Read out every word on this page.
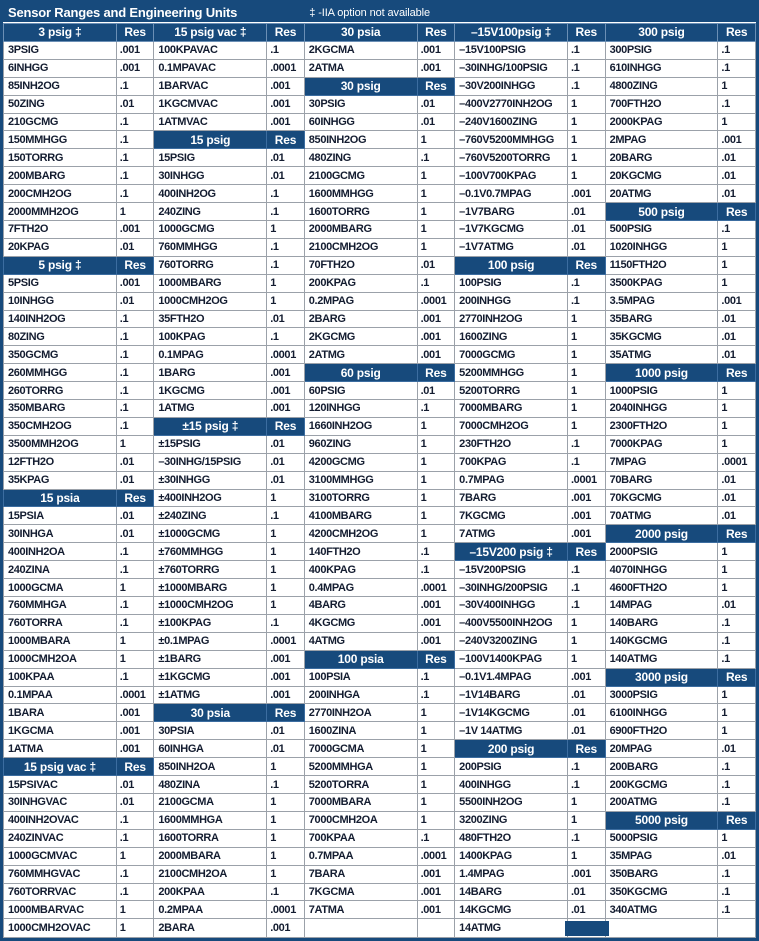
Sensor Ranges and Engineering Units	‡ -IIA option not available
3 psig ‡	Res	15 psig vac ‡	Res	30 psia	Res	–15V100psig ‡	Res	300 psig	Res
3PSIG	.001	100KPAVAC	.1	2KGCMA	.001	–15V100PSIG	.1	300PSIG	.1
6INHGG	.001	0.1MPAVAC	.0001	2ATMA	.001	–30INHG/100PSIG	.1	610INHGG	.1
85INH2OG	.1	1BARVAC	.001	30 psig	Res	–30V200INHGG	.1	4800ZING	1
50ZING	.01	1KGCMVAC	.001	30PSIG	.01	–400V2770INH2OG	1	700FTH2O	.1
210GCMG	.1	1ATMVAC	.001	60INHGG	.01	–240V1600ZING	1	2000KPAG	1
150MMHGG	.1	15 psig	Res	850INH2OG	1	–760V5200MMHGG	1	2MPAG	.001
150TORRG	.1	15PSIG	.01	480ZING	.1	–760V5200TORRG	1	20BARG	.01
200MBARG	.1	30INHGG	.01	2100GCMG	1	–100V700KPAG	1	20KGCMG	.01
200CMH2OG	.1	400INH2OG	.1	1600MMHGG	1	–0.1V0.7MPAG	.001	20ATMG	.01
2000MMH2OG	1	240ZING	.1	1600TORRG	1	–1V7BARG	.01	500 psig	Res
7FTH2O	.001	1000GCMG	1	2000MBARG	1	–1V7KGCMG	.01	500PSIG	.1
20KPAG	.01	760MMHGG	.1	2100CMH2OG	1	–1V7ATMG	.01	1020INHGG	1
5 psig ‡	Res	760TORRG	.1	70FTH2O	.01	100 psig	Res	1150FTH2O	1
5PSIG	.001	1000MBARG	1	200KPAG	.1	100PSIG	.1	3500KPAG	1
10INHGG	.01	1000CMH2OG	1	0.2MPAG	.0001	200INHGG	.1	3.5MPAG	.001
140INH2OG	.1	35FTH2O	.01	2BARG	.001	2770INH2OG	1	35BARG	.01
80ZING	.1	100KPAG	.1	2KGCMG	.001	1600ZING	1	35KGCMG	.01
350GCMG	.1	0.1MPAG	.0001	2ATMG	.001	7000GCMG	1	35ATMG	.01
260MMHGG	.1	1BARG	.001	60 psig	Res	5200MMHGG	1	1000 psig	Res
260TORRG	.1	1KGCMG	.001	60PSIG	.01	5200TORRG	1	1000PSIG	1
350MBARG	.1	1ATMG	.001	120INHGG	.1	7000MBARG	1	2040INHGG	1
350CMH2OG	.1	±15 psig ‡	Res	1660INH2OG	1	7000CMH2OG	1	2300FTH2O	1
3500MMH2OG	1	±15PSIG	.01	960ZING	1	230FTH2O	.1	7000KPAG	1
12FTH2O	.01	–30INHG/15PSIG	.01	4200GCMG	1	700KPAG	.1	7MPAG	.0001
35KPAG	.01	±30INHGG	.01	3100MMHGG	1	0.7MPAG	.0001	70BARG	.01
15 psia	Res	±400INH2OG	1	3100TORRG	1	7BARG	.001	70KGCMG	.01
15PSIA	.01	±240ZING	.1	4100MBARG	1	7KGCMG	.001	70ATMG	.01
30INHGA	.01	±1000GCMG	1	4200CMH2OG	1	7ATMG	.001	2000 psig	Res
400INH2OA	.1	±760MMHGG	1	140FTH2O	.1	–15V200 psig ‡	Res	2000PSIG	1
240ZINA	.1	±760TORRG	1	400KPAG	.1	–15V200PSIG	.1	4070INHGG	1
1000GCMA	1	±1000MBARG	1	0.4MPAG	.0001	–30INHG/200PSIG	.1	4600FTH2O	1
760MMHGA	.1	±1000CMH2OG	1	4BARG	.001	–30V400INHGG	.1	14MPAG	.01
760TORRA	.1	±100KPAG	.1	4KGCMG	.001	–400V5500INH2OG	1	140BARG	.1
1000MBARA	1	±0.1MPAG	.0001	4ATMG	.001	–240V3200ZING	1	140KGCMG	.1
1000CMH2OA	1	±1BARG	.001	100 psia	Res	–100V1400KPAG	1	140ATMG	.1
100KPAA	.1	±1KGCMG	.001	100PSIA	.1	–0.1V1.4MPAG	.001	3000 psig	Res
0.1MPAA	.0001	±1ATMG	.001	200INHGA	.1	–1V14BARG	.01	3000PSIG	1
1BARA	.001	30 psia	Res	2770INH2OA	1	–1V14KGCMG	.01	6100INHGG	1
1KGCMA	.001	30PSIA	.01	1600ZINA	1	–1V 14ATMG	.01	6900FTH2O	1
1ATMA	.001	60INHGA	.01	7000GCMA	1	200 psig	Res	20MPAG	.01
15 psig vac ‡	Res	850INH2OA	1	5200MMHGA	1	200PSIG	.1	200BARG	.1
15PSIVAC	.01	480ZINA	.1	5200TORRA	1	400INHGG	.1	200KGCMG	.1
30INHGVAC	.01	2100GCMA	1	7000MBARA	1	5500INH2OG	1	200ATMG	.1
400INH2OVAC	.1	1600MMHGA	1	7000CMH2OA	1	3200ZING	1	5000 psig	Res
240ZINVAC	.1	1600TORRA	1	700KPAA	.1	480FTH2O	.1	5000PSIG	1
1000GCMVAC	1	2000MBARA	1	0.7MPAA	.0001	1400KPAG	1	35MPAG	.01
760MMHGVAC	.1	2100CMH2OA	1	7BARA	.001	1.4MPAG	.001	350BARG	.1
760TORRVAC	.1	200KPAA	.1	7KGCMA	.001	14BARG	.01	350KGCMG	.1
1000MBARVAC	1	0.2MPAA	.0001	7ATMA	.001	14KGCMG	.01	340ATMG	.1
1000CMH2OVAC	1	2BARA	.001			14ATMG			
